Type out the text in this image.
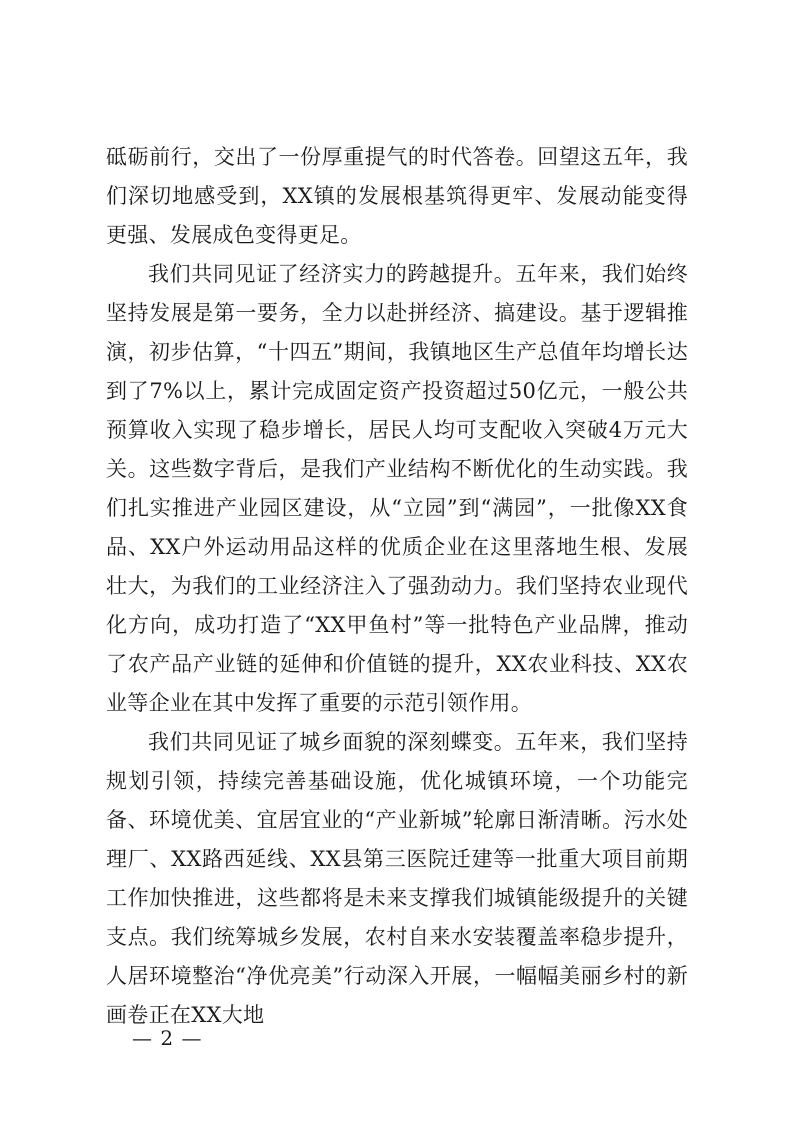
砥砺前行，交出了一份厚重提气的时代答卷。回望这五年，我们深切地感受到，XX镇的发展根基筑得更牢、发展动能变得更强、发展成色变得更足。

我们共同见证了经济实力的跨越提升。五年来，我们始终坚持发展是第一要务，全力以赴拼经济、搞建设。基于逻辑推演，初步估算，“十四五”期间，我镇地区生产总值年均增长达到了7%以上，累计完成固定资产投资超过50亿元，一般公共预算收入实现了稳步增长，居民人均可支配收入突破4万元大关。这些数字背后，是我们产业结构不断优化的生动实践。我们扎实推进产业园区建设，从“立园”到“满园”，一批像XX食品、XX户外运动用品这样的优质企业在这里落地生根、发展壮大，为我们的工业经济注入了强劲动力。我们坚持农业现代化方向，成功打造了“XX甲鱼村”等一批特色产业品牌，推动了农产品产业链的延伸和价值链的提升，XX农业科技、XX农业等企业在其中发挥了重要的示范引领作用。

我们共同见证了城乡面貌的深刻蝶变。五年来，我们坚持规划引领，持续完善基础设施，优化城镇环境，一个功能完备、环境优美、宜居宜业的“产业新城”轮廓日渐清晰。污水处理厂、XX路西延线、XX县第三医院迁建等一批重大项目前期工作加快推进，这些都将是未来支撑我们城镇能级提升的关键支点。我们统筹城乡发展，农村自来水安装覆盖率稳步提升，人居环境整治“净优亮美”行动深入开展，一幅幅美丽乡村的新画卷正在XX大地

— 2 —
